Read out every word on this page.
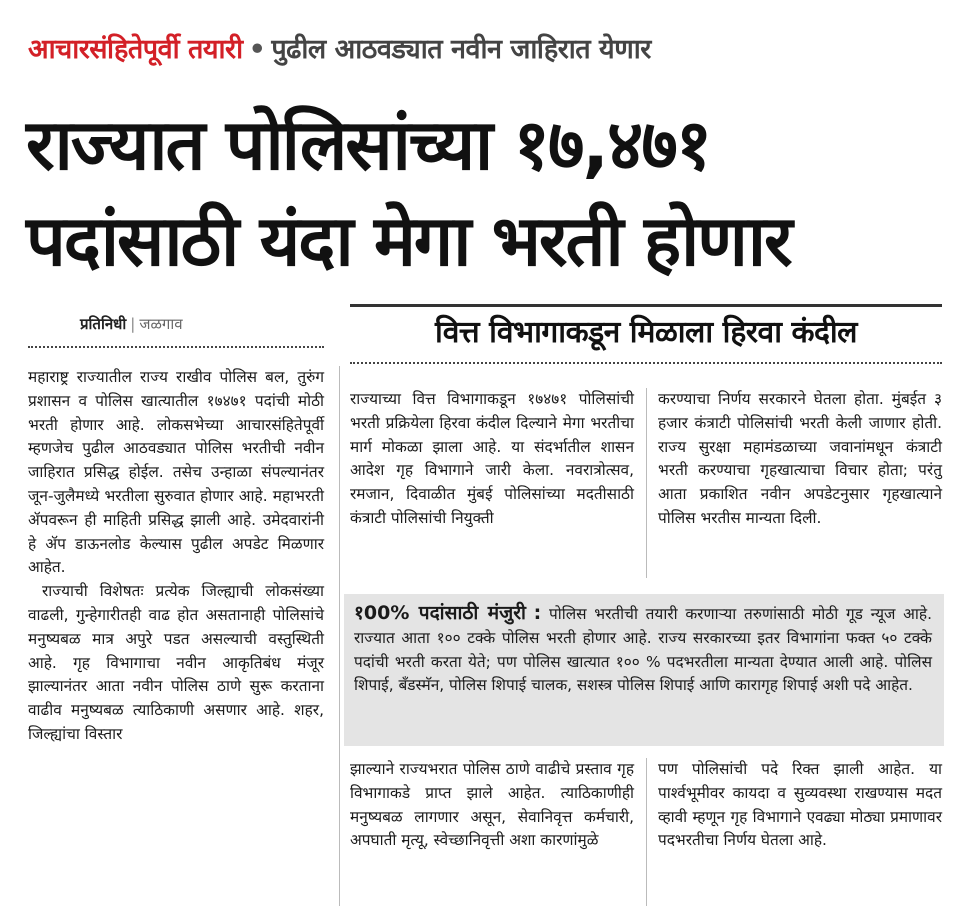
आचारसंहितेपूर्वी तयारी • पुढील आठवड्यात नवीन जाहिरात येणार
राज्यात पोलिसांच्या १७,४७१
पदांसाठी यंदा मेगा भरती होणार
प्रतिनिधी | जळगाव	वित्त विभागाकडून मिळाला हिरवा कंदील

महाराष्ट्र राज्यातील राज्य राखीव पोलिस बल, तुरुंग प्रशासन व पोलिस खात्यातील १७४७१ पदांची मोठी भरती होणार आहे. लोकसभेच्या आचारसंहितेपूर्वी म्हणजेच पुढील आठवड्यात पोलिस भरतीची नवीन जाहिरात प्रसिद्ध होईल. तसेच उन्हाळा संपल्यानंतर जून-जुलैमध्ये भरतीला सुरुवात होणार आहे. महाभरती ॲपवरून ही माहिती प्रसिद्ध झाली आहे. उमेदवारांनी हे ॲप डाऊनलोड केल्यास पुढील अपडेट मिळणार आहेत.

राज्याची विशेषतः प्रत्येक जिल्ह्याची लोकसंख्या वाढली, गुन्हेगारीतही वाढ होत असतानाही पोलिसांचे मनुष्यबळ मात्र अपुरे पडत असल्याची वस्तुस्थिती आहे. गृह विभागाचा नवीन आकृतिबंध मंजूर झाल्यानंतर आता नवीन पोलिस ठाणे सुरू करताना वाढीव मनुष्यबळ त्याठिकाणी असणार आहे. शहर, जिल्ह्यांचा विस्तार

राज्याच्या वित्त विभागाकडून १७४७१ पोलिसांची भरती प्रक्रियेला हिरवा कंदील दिल्याने मेगा भरतीचा मार्ग मोकळा झाला आहे. या संदर्भातील शासन आदेश गृह विभागाने जारी केला. नवरात्रोत्सव, रमजान, दिवाळीत मुंबई पोलिसांच्या मदतीसाठी कंत्राटी पोलिसांची नियुक्ती

करण्याचा निर्णय सरकारने घेतला होता. मुंबईत ३ हजार कंत्राटी पोलिसांची भरती केली जाणार होती. राज्य सुरक्षा महामंडळाच्या जवानांमधून कंत्राटी भरती करण्याचा गृहखात्याचा विचार होता; परंतु आता प्रकाशित नवीन अपडेटनुसार गृहखात्याने पोलिस भरतीस मान्यता दिली.

१00% पदांसाठी मंजुरी : पोलिस भरतीची तयारी करणाऱ्या तरुणांसाठी मोठी गूड न्यूज आहे. राज्यात आता १०० टक्के पोलिस भरती होणार आहे. राज्य सरकारच्या इतर विभागांना फक्त ५० टक्के पदांची भरती करता येते; पण पोलिस खात्यात १०० % पदभरतीला मान्यता देण्यात आली आहे. पोलिस शिपाई, बॅंडस्मॅन, पोलिस शिपाई चालक, सशस्त्र पोलिस शिपाई आणि कारागृह शिपाई अशी पदे आहेत.

झाल्याने राज्यभरात पोलिस ठाणे वाढीचे प्रस्ताव गृह विभागाकडे प्राप्त झाले आहेत. त्याठिकाणीही मनुष्यबळ लागणार असून, सेवानिवृत्त कर्मचारी, अपघाती मृत्यू, स्वेच्छानिवृत्ती अशा कारणांमुळे

पण पोलिसांची पदे रिक्त झाली आहेत. या पार्श्वभूमीवर कायदा व सुव्यवस्था राखण्यास मदत व्हावी म्हणून गृह विभागाने एवढ्या मोठ्या प्रमाणावर पदभरतीचा निर्णय घेतला आहे.
